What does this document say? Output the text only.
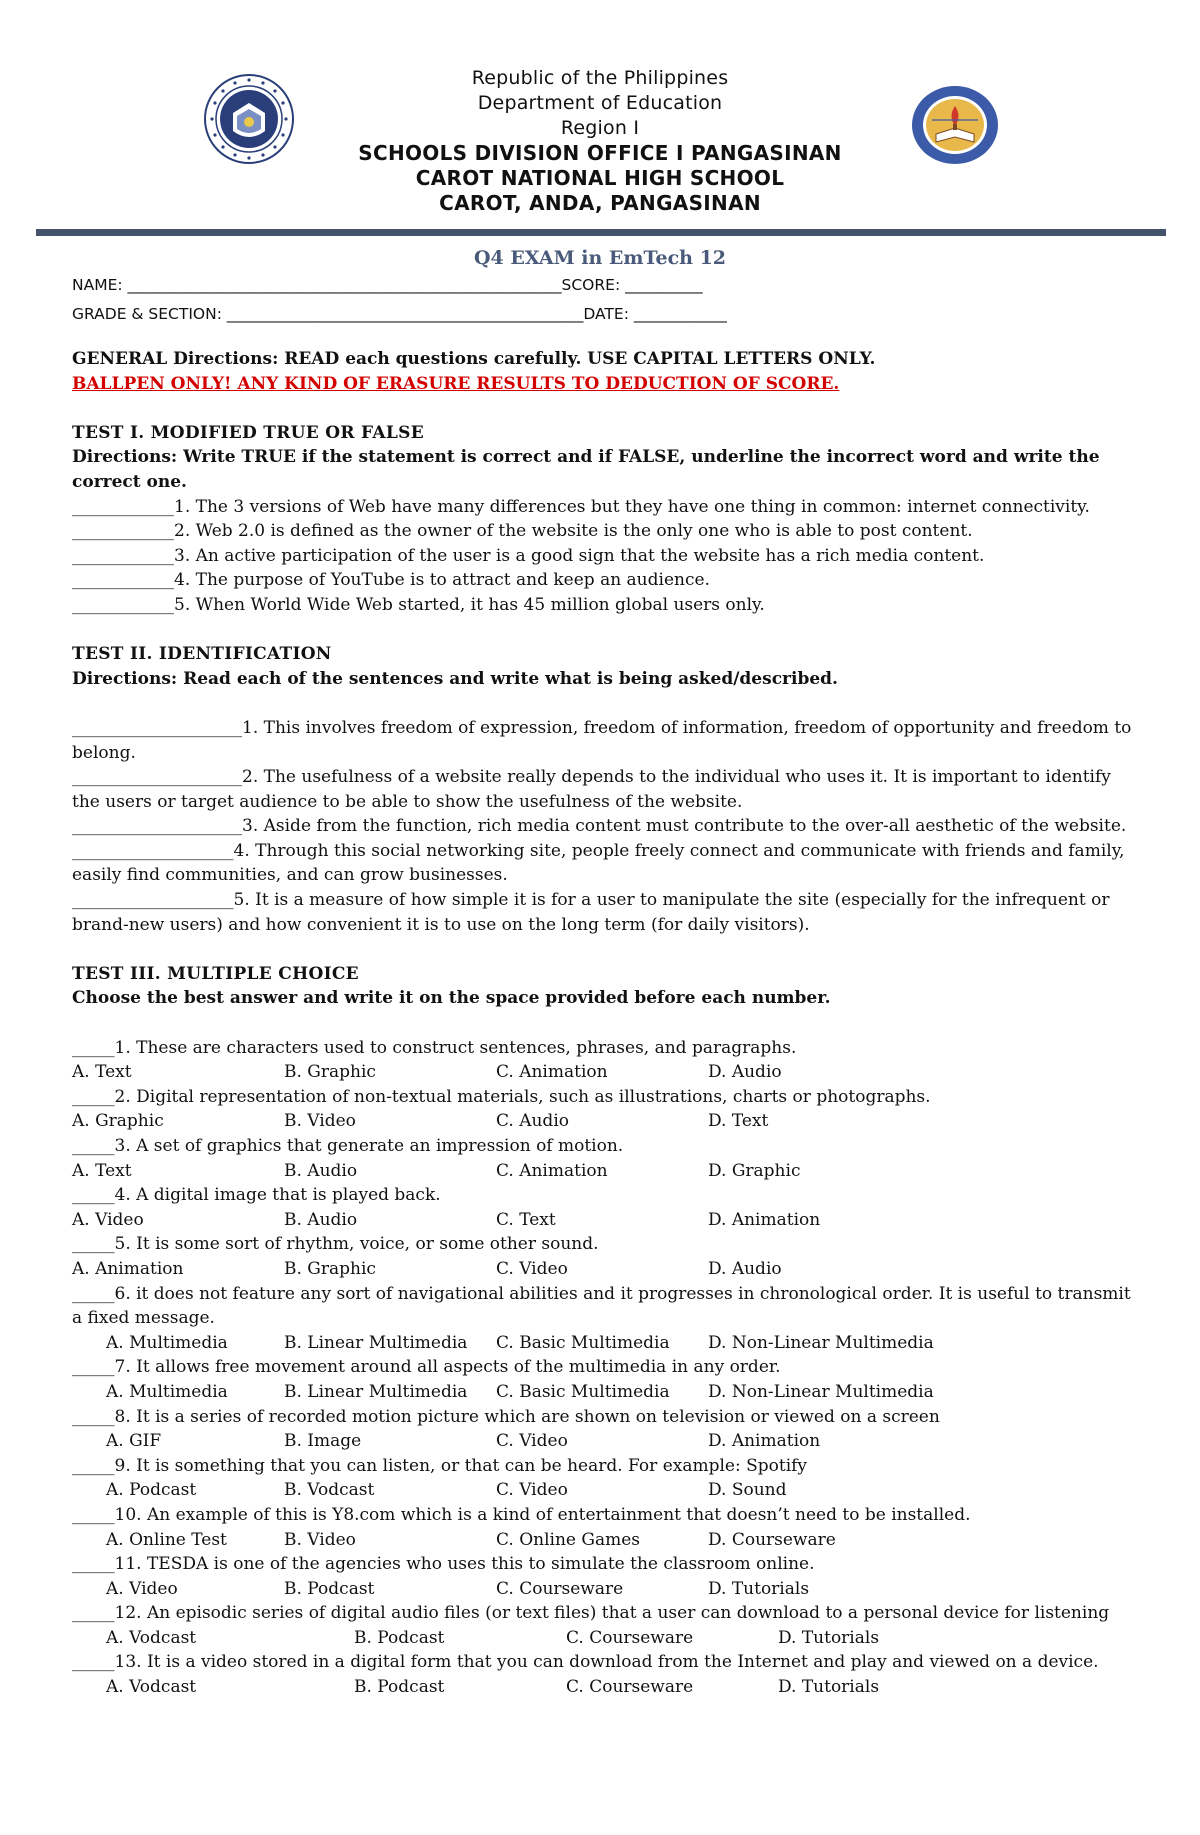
Republic of the Philippines
Department of Education
Region I
SCHOOLS DIVISION OFFICE I PANGASINAN
CAROT NATIONAL HIGH SCHOOL
CAROT, ANDA, PANGASINAN
Q4 EXAM in EmTech 12
NAME: ________________________________________________________SCORE: __________
GRADE & SECTION: ______________________________________________DATE: ____________

GENERAL Directions: READ each questions carefully. USE CAPITAL LETTERS ONLY.

BALLPEN ONLY! ANY KIND OF ERASURE RESULTS TO DEDUCTION OF SCORE.

TEST I. MODIFIED TRUE OR FALSE

Directions: Write TRUE if the statement is correct and if FALSE, underline the incorrect word and write the correct one.

____________1. The 3 versions of Web have many differences but they have one thing in common: internet connectivity.

____________2. Web 2.0 is defined as the owner of the website is the only one who is able to post content.

____________3. An active participation of the user is a good sign that the website has a rich media content.

____________4. The purpose of YouTube is to attract and keep an audience.

____________5. When World Wide Web started, it has 45 million global users only.

TEST II. IDENTIFICATION

Directions: Read each of the sentences and write what is being asked/described.

____________________1. This involves freedom of expression, freedom of information, freedom of opportunity and freedom to belong.

____________________2. The usefulness of a website really depends to the individual who uses it. It is important to identify the users or target audience to be able to show the usefulness of the website.

____________________3. Aside from the function, rich media content must contribute to the over-all aesthetic of the website.

___________________4. Through this social networking site, people freely connect and communicate with friends and family, easily find communities, and can grow businesses.

___________________5. It is a measure of how simple it is for a user to manipulate the site (especially for the infrequent or brand-new users) and how convenient it is to use on the long term (for daily visitors).

TEST III. MULTIPLE CHOICE

Choose the best answer and write it on the space provided before each number.

_____1. These are characters used to construct sentences, phrases, and paragraphs.

A. Text	B. Graphic	C. Animation	D. Audio

_____2. Digital representation of non-textual materials, such as illustrations, charts or photographs.

A. Graphic	B. Video	C. Audio	D. Text

_____3. A set of graphics that generate an impression of motion.

A. Text	B. Audio	C. Animation	D. Graphic

_____4. A digital image that is played back.

A. Video	B. Audio	C. Text	D. Animation

_____5. It is some sort of rhythm, voice, or some other sound.

A. Animation	B. Graphic	C. Video	D. Audio

_____6. it does not feature any sort of navigational abilities and it progresses in chronological order. It is useful to transmit a fixed message.

A. Multimedia	B. Linear Multimedia	C. Basic Multimedia	D. Non-Linear Multimedia

_____7. It allows free movement around all aspects of the multimedia in any order.

A. Multimedia	B. Linear Multimedia	C. Basic Multimedia	D. Non-Linear Multimedia

_____8. It is a series of recorded motion picture which are shown on television or viewed on a screen

A. GIF	B. Image	C. Video	D. Animation

_____9. It is something that you can listen, or that can be heard. For example: Spotify

A. Podcast	B. Vodcast	C. Video	D. Sound

_____10. An example of this is Y8.com which is a kind of entertainment that doesn’t need to be installed.

A. Online Test	B. Video	C. Online Games	D. Courseware

_____11. TESDA is one of the agencies who uses this to simulate the classroom online.

A. Video	B. Podcast	C. Courseware	D. Tutorials

_____12. An episodic series of digital audio files (or text files) that a user can download to a personal device for listening

A. Vodcast	B. Podcast	C. Courseware	D. Tutorials

_____13. It is a video stored in a digital form that you can download from the Internet and play and viewed on a device.

A. Vodcast	B. Podcast	C. Courseware	D. Tutorials
